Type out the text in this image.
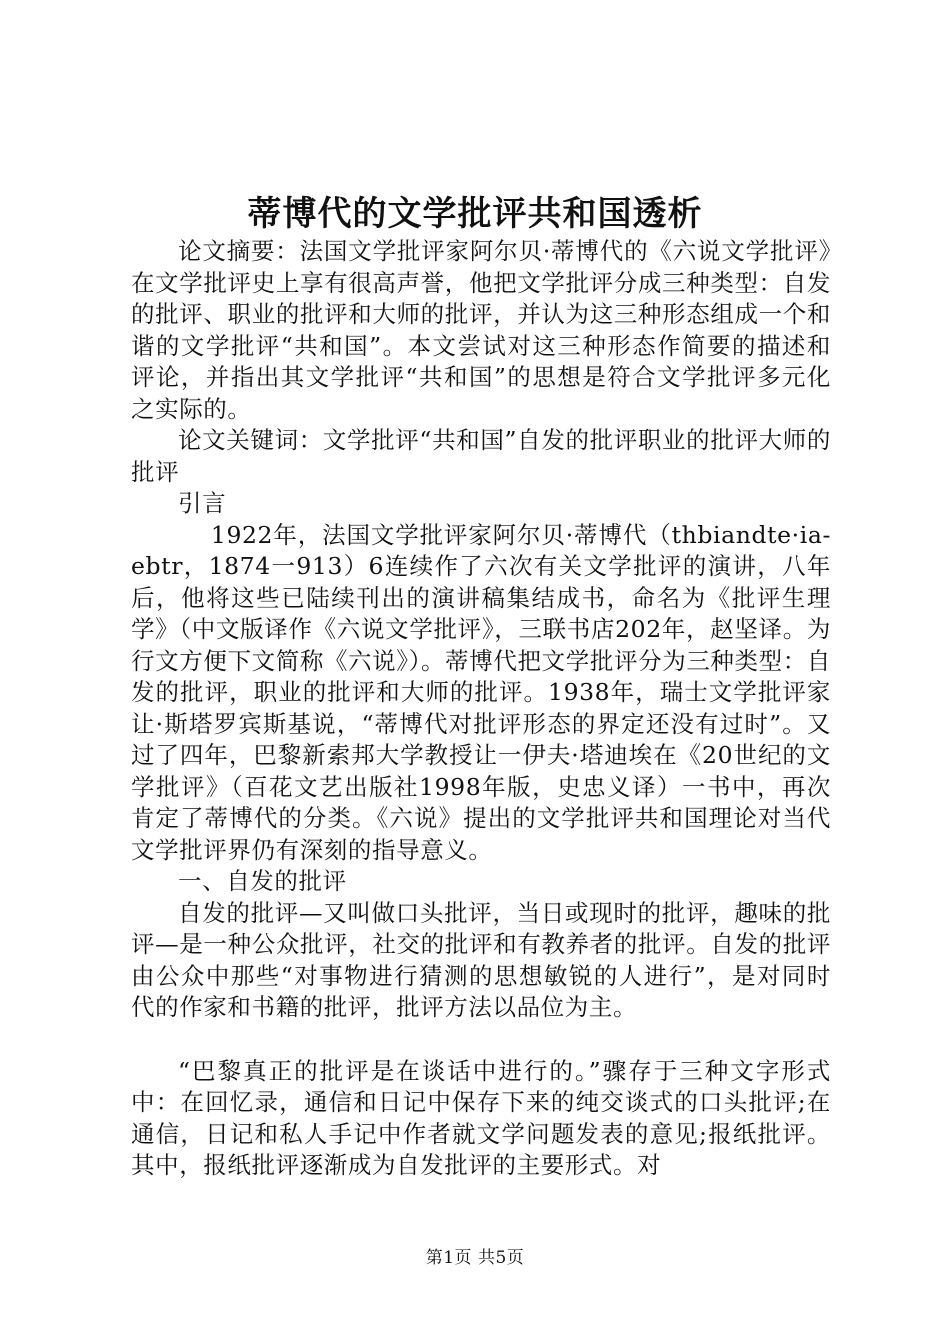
蒂博代的文学批评共和国透析

论文摘要：法国文学批评家阿尔贝·蒂博代的《六说文学批评》在文学批评史上享有很高声誉，他把文学批评分成三种类型：自发的批评、职业的批评和大师的批评，并认为这三种形态组成一个和谐的文学批评“共和国”。本文尝试对这三种形态作简要的描述和评论，并指出其文学批评“共和国”的思想是符合文学批评多元化之实际的。

论文关键词：文学批评“共和国”自发的批评职业的批评大师的批评

引言

1922年，法国文学批评家阿尔贝·蒂博代（thbiandte·ia-ebtr，1874一913）6连续作了六次有关文学批评的演讲，八年后，他将这些已陆续刊出的演讲稿集结成书，命名为《批评生理学》（中文版译作《六说文学批评》，三联书店202年，赵坚译。为行文方便下文简称《六说》）。蒂博代把文学批评分为三种类型：自发的批评，职业的批评和大师的批评。1938年，瑞士文学批评家让·斯塔罗宾斯基说，“蒂博代对批评形态的界定还没有过时”。又过了四年，巴黎新索邦大学教授让一伊夫·塔迪埃在《20世纪的文学批评》（百花文艺出版社1998年版，史忠义译）一书中，再次肯定了蒂博代的分类。《六说》提出的文学批评共和国理论对当代文学批评界仍有深刻的指导意义。

一、自发的批评

自发的批评—又叫做口头批评，当日或现时的批评，趣味的批评—是一种公众批评，社交的批评和有教养者的批评。自发的批评由公众中那些“对事物进行猜测的思想敏锐的人进行”，是对同时代的作家和书籍的批评，批评方法以品位为主。

“巴黎真正的批评是在谈话中进行的。”骤存于三种文字形式中：在回忆录，通信和日记中保存下来的纯交谈式的口头批评;在通信，日记和私人手记中作者就文学问题发表的意见;报纸批评。其中，报纸批评逐渐成为自发批评的主要形式。对

第1页 共5页
